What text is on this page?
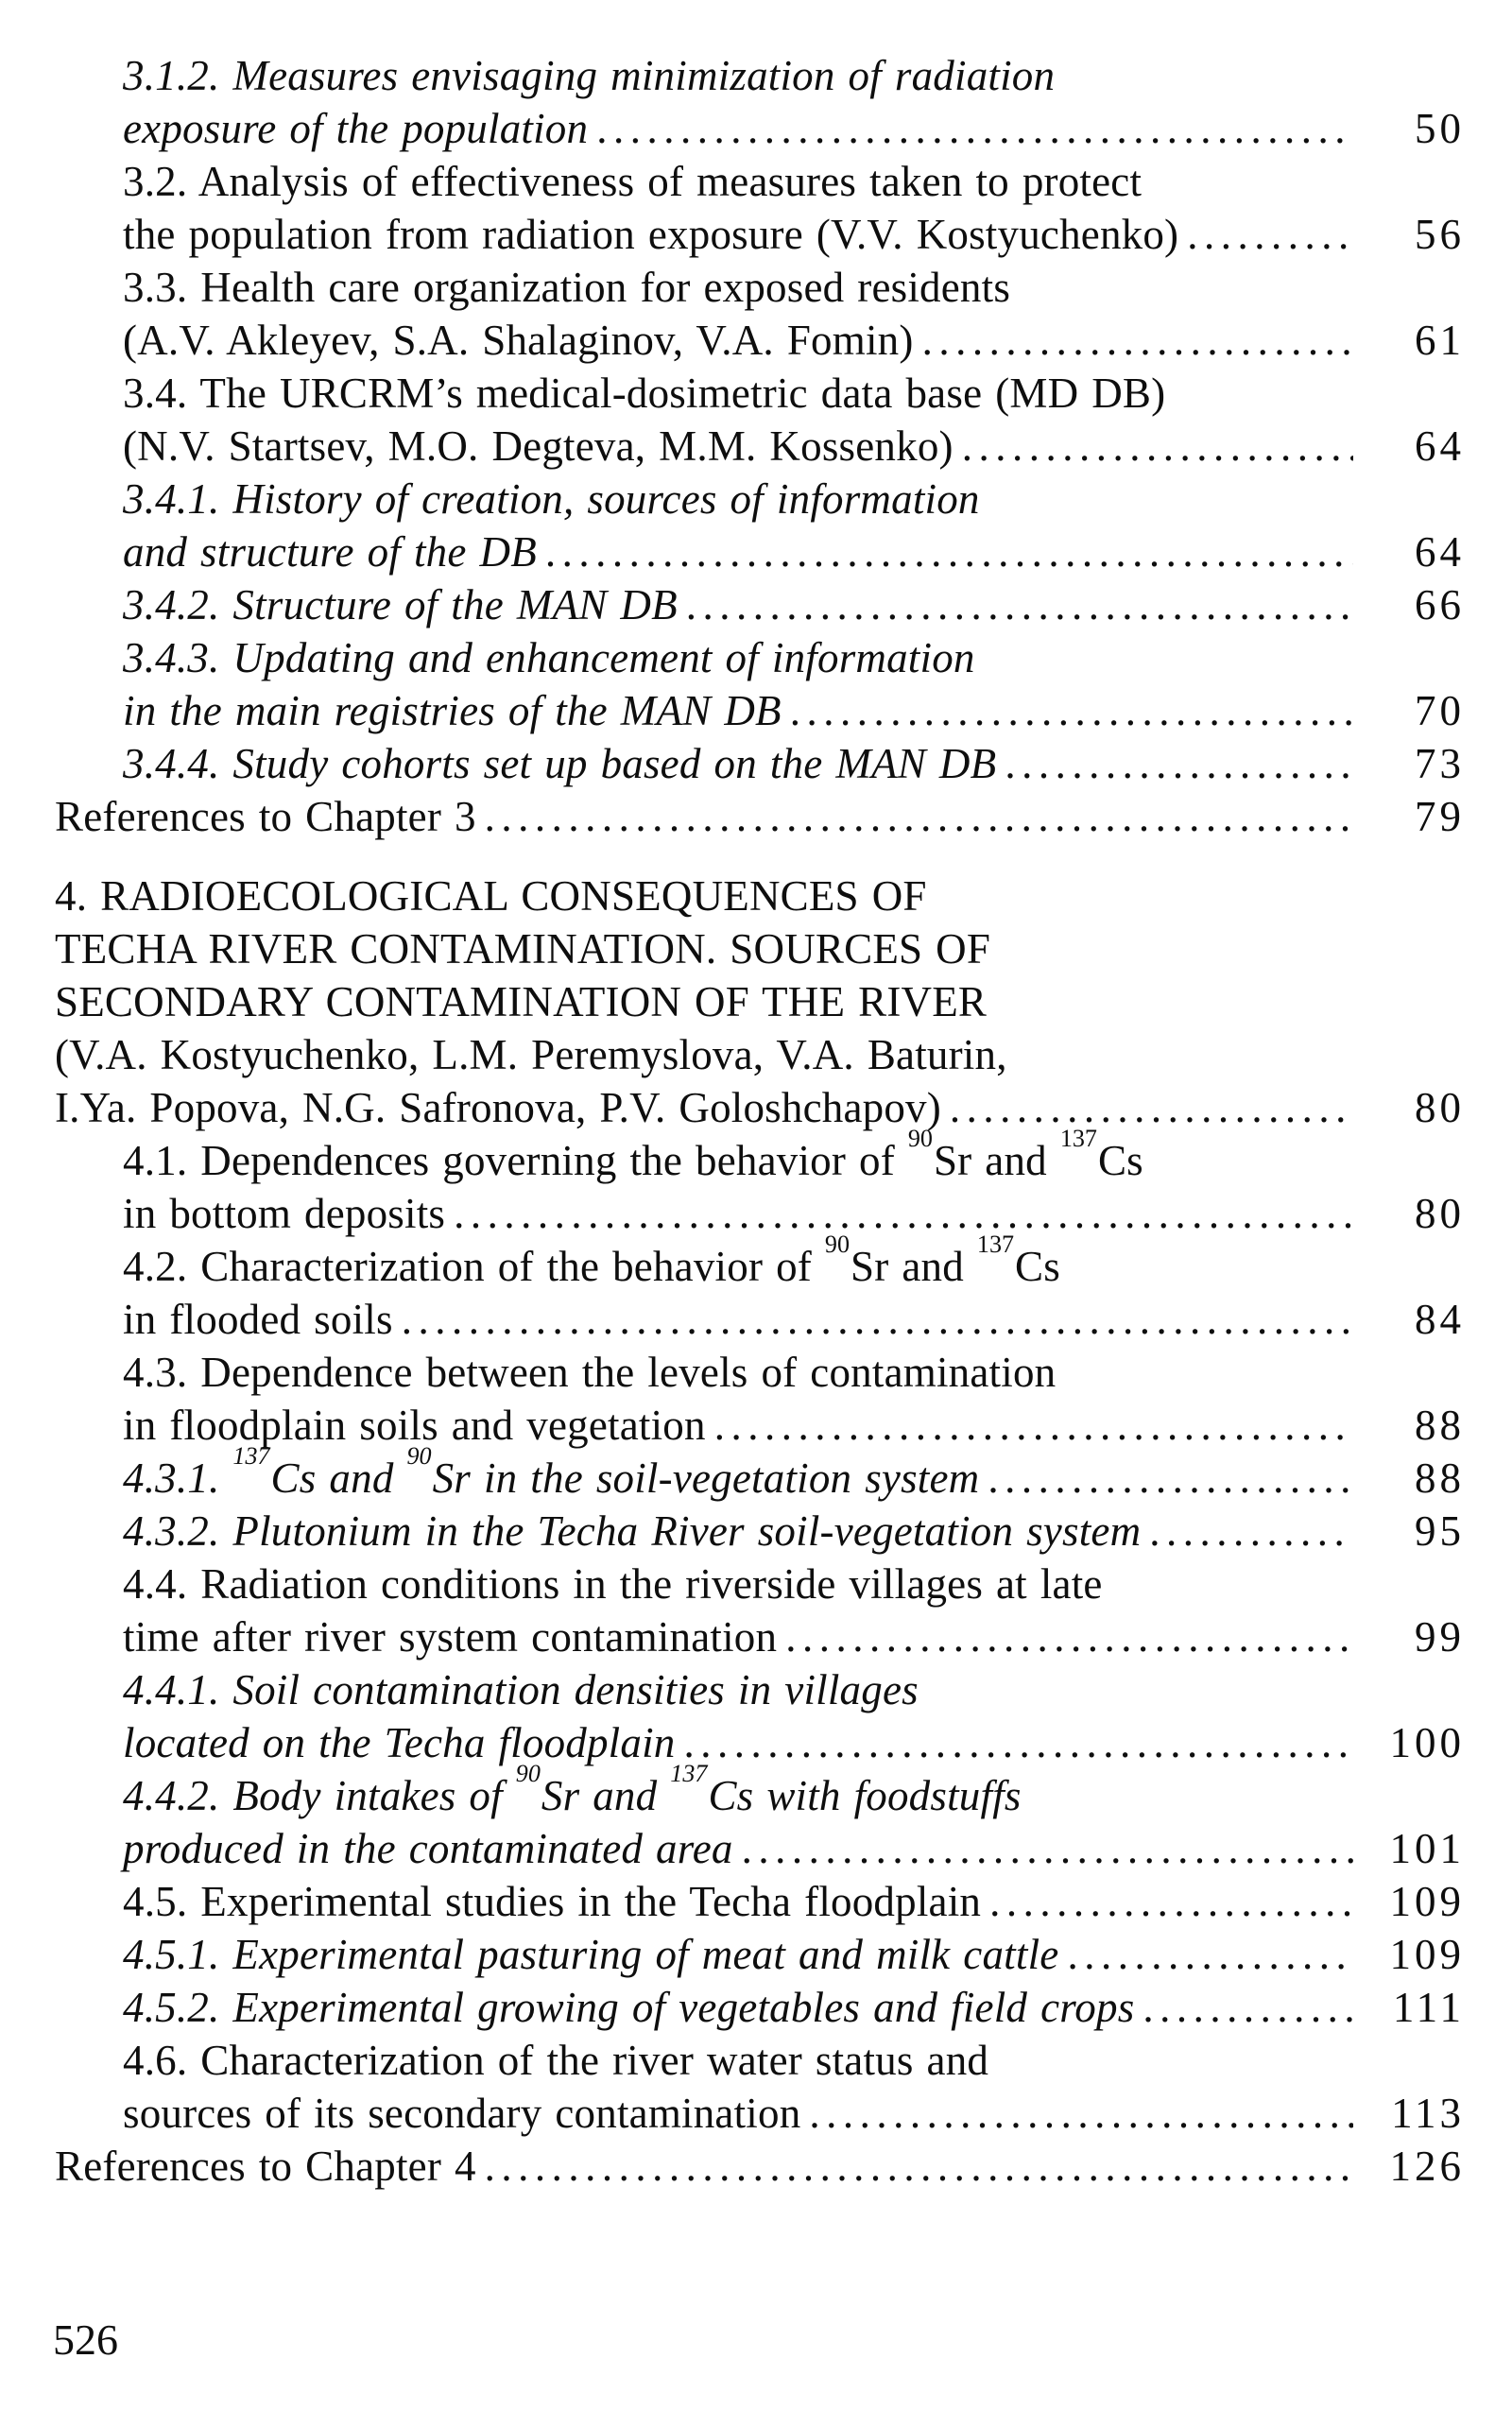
3.1.2. Measures envisaging minimization of radiation
exposure of the population .....	50
3.2. Analysis of effectiveness of measures taken to protect
the population from radiation exposure (V.V. Kostyuchenko) .....	56
3.3. Health care organization for exposed residents
(A.V. Akleyev, S.A. Shalaginov, V.A. Fomin) .....	61
3.4. The URCRM’s medical-dosimetric data base (MD DB)
(N.V. Startsev, M.O. Degteva, M.M. Kossenko) .....	64
3.4.1. History of creation, sources of information
and structure of the DB .....	64
3.4.2. Structure of the MAN DB .....	66
3.4.3. Updating and enhancement of information
in the main registries of the MAN DB .....	70
3.4.4. Study cohorts set up based on the MAN DB .....	73
References to Chapter 3 .....	79
4. RADIOECOLOGICAL CONSEQUENCES OF
TECHA RIVER CONTAMINATION. SOURCES OF
SECONDARY CONTAMINATION OF THE RIVER
(V.A. Kostyuchenko, L.M. Peremyslova, V.A. Baturin,
I.Ya. Popova, N.G. Safronova, P.V. Goloshchapov) .....	80
4.1. Dependences governing the behavior of $^{90}$Sr and $^{137}$Cs
in bottom deposits .....	80
4.2. Characterization of the behavior of $^{90}$Sr and $^{137}$Cs
in flooded soils .....	84
4.3. Dependence between the levels of contamination
in floodplain soils and vegetation .....	88
4.3.1. $^{137}$Cs and $^{90}$Sr in the soil-vegetation system .....	88
4.3.2. Plutonium in the Techa River soil-vegetation system .....	95
4.4. Radiation conditions in the riverside villages at late
time after river system contamination .....	99
4.4.1. Soil contamination densities in villages
located on the Techa floodplain .....	100
4.4.2. Body intakes of $^{90}$Sr and $^{137}$Cs with foodstuffs
produced in the contaminated area .....	101
4.5. Experimental studies in the Techa floodplain .....	109
4.5.1. Experimental pasturing of meat and milk cattle .....	109
4.5.2. Experimental growing of vegetables and field crops .....	111
4.6. Characterization of the river water status and
sources of its secondary contamination .....	113
References to Chapter 4 .....	126
526
